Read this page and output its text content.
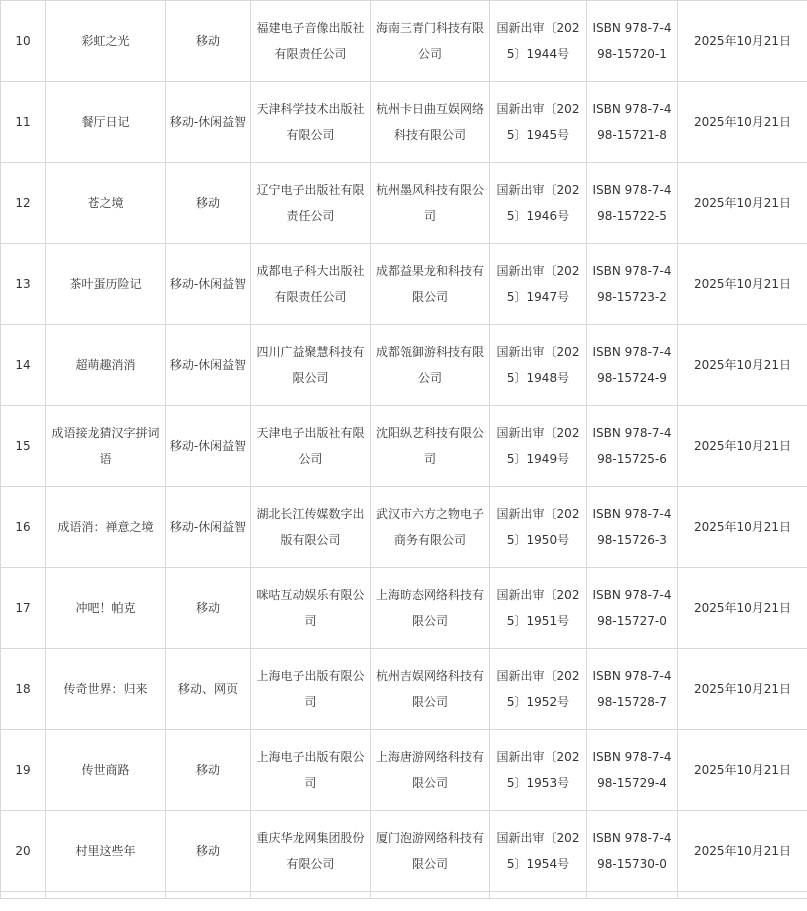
10	彩虹之光	移动	福建电子音像出版社有限责任公司	海南三青门科技有限公司	国新出审〔2025〕1944号	ISBN 978-7-498-15720-1	2025年10月21日
11	餐厅日记	移动-休闲益智	天津科学技术出版社有限公司	杭州卡日曲互娱网络科技有限公司	国新出审〔2025〕1945号	ISBN 978-7-498-15721-8	2025年10月21日
12	苍之境	移动	辽宁电子出版社有限责任公司	杭州墨风科技有限公司	国新出审〔2025〕1946号	ISBN 978-7-498-15722-5	2025年10月21日
13	茶叶蛋历险记	移动-休闲益智	成都电子科大出版社有限责任公司	成都益果龙和科技有限公司	国新出审〔2025〕1947号	ISBN 978-7-498-15723-2	2025年10月21日
14	超萌趣消消	移动-休闲益智	四川广益聚慧科技有限公司	成都瓴御游科技有限公司	国新出审〔2025〕1948号	ISBN 978-7-498-15724-9	2025年10月21日
15	成语接龙猜汉字拼词语	移动-休闲益智	天津电子出版社有限公司	沈阳纵艺科技有限公司	国新出审〔2025〕1949号	ISBN 978-7-498-15725-6	2025年10月21日
16	成语消：禅意之境	移动-休闲益智	湖北长江传媒数字出版有限公司	武汉市六方之物电子商务有限公司	国新出审〔2025〕1950号	ISBN 978-7-498-15726-3	2025年10月21日
17	冲吧！帕克	移动	咪咕互动娱乐有限公司	上海昉态网络科技有限公司	国新出审〔2025〕1951号	ISBN 978-7-498-15727-0	2025年10月21日
18	传奇世界：归来	移动、网页	上海电子出版有限公司	杭州吉娱网络科技有限公司	国新出审〔2025〕1952号	ISBN 978-7-498-15728-7	2025年10月21日
19	传世商路	移动	上海电子出版有限公司	上海唐游网络科技有限公司	国新出审〔2025〕1953号	ISBN 978-7-498-15729-4	2025年10月21日
20	村里这些年	移动	重庆华龙网集团股份有限公司	厦门泡游网络科技有限公司	国新出审〔2025〕1954号	ISBN 978-7-498-15730-0	2025年10月21日
